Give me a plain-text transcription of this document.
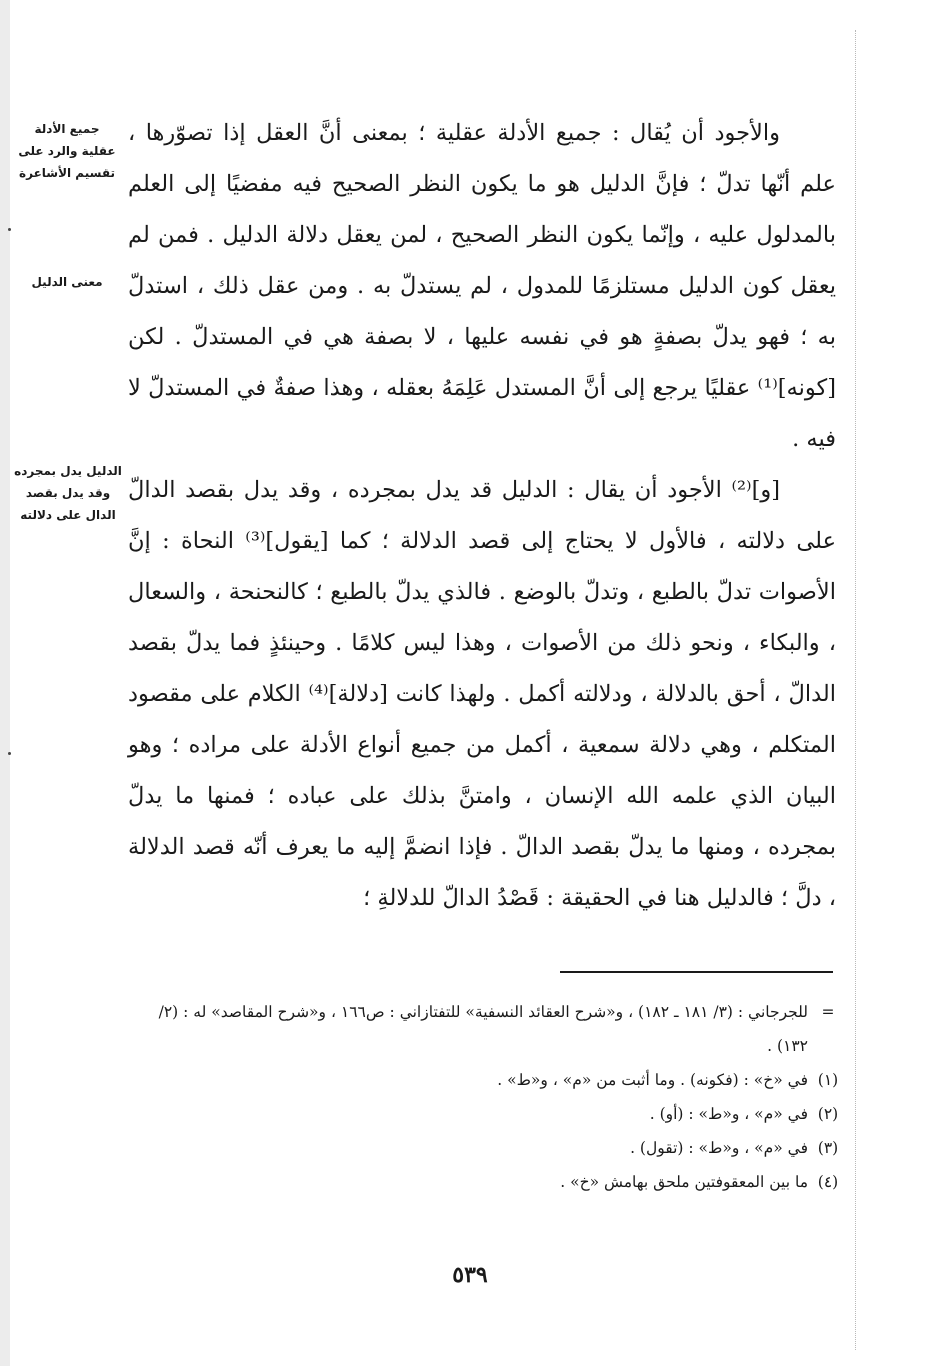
جميع الأدلة
عقلية والرد على
تقسيم الأشاعرة
معنى الدليل
الدليل يدل بمجرده
وقد يدل بقصد
الدال على دلالته

والأجود أن يُقال : جميع الأدلة عقلية ؛ بمعنى أنَّ العقل إذا تصوّرها ، علم أنّها تدلّ ؛ فإنَّ الدليل هو ما يكون النظر الصحيح فيه مفضيًا إلى العلم بالمدلول عليه ، وإنّما يكون النظر الصحيح ، لمن يعقل دلالة الدليل . فمن لم يعقل كون الدليل مستلزمًا للمدول ، لم يستدلّ به . ومن عقل ذلك ، استدلّ به ؛ فهو يدلّ بصفةٍ هو في نفسه عليها ، لا بصفة هي في المستدلّ . لكن [كونه]⁽¹⁾ عقليًا يرجع إلى أنَّ المستدل عَلِمَهُ بعقله ، وهذا صفةٌ في المستدلّ لا فيه .

[و]⁽²⁾ الأجود أن يقال : الدليل قد يدل بمجرده ، وقد يدل بقصد الدالّ على دلالته ، فالأول لا يحتاج إلى قصد الدلالة ؛ كما [يقول]⁽³⁾ النحاة : إنَّ الأصوات تدلّ بالطبع ، وتدلّ بالوضع . فالذي يدلّ بالطبع ؛ كالنحنحة ، والسعال ، والبكاء ، ونحو ذلك من الأصوات ، وهذا ليس كلامًا . وحينئذٍ فما يدلّ بقصد الدالّ ، أحق بالدلالة ، ودلالته أكمل . ولهذا كانت [دلالة]⁽⁴⁾ الكلام على مقصود المتكلم ، وهي دلالة سمعية ، أكمل من جميع أنواع الأدلة على مراده ؛ وهو البيان الذي علمه الله الإنسان ، وامتنَّ بذلك على عباده ؛ فمنها ما يدلّ بمجرده ، ومنها ما يدلّ بقصد الدالّ . فإذا انضمَّ إليه ما يعرف أنّه قصد الدلالة ، دلَّ ؛ فالدليل هنا في الحقيقة : قَصْدُ الدالّ للدلالةِ ؛

=
للجرجاني : (٣/ ١٨١ ـ ١٨٢) ، و«شرح العقائد النسفية» للتفتازاني : ص١٦٦ ، و«شرح المقاصد» له : (٢/ ١٣٢) .
(١)
في «خ» : (فكونه) . وما أثبت من «م» ، و«ط» .
(٢)
في «م» ، و«ط» : (أو) .
(٣)
في «م» ، و«ط» : (تقول) .
(٤)
ما بين المعقوفتين ملحق بهامش «خ» .
٥٣٩
